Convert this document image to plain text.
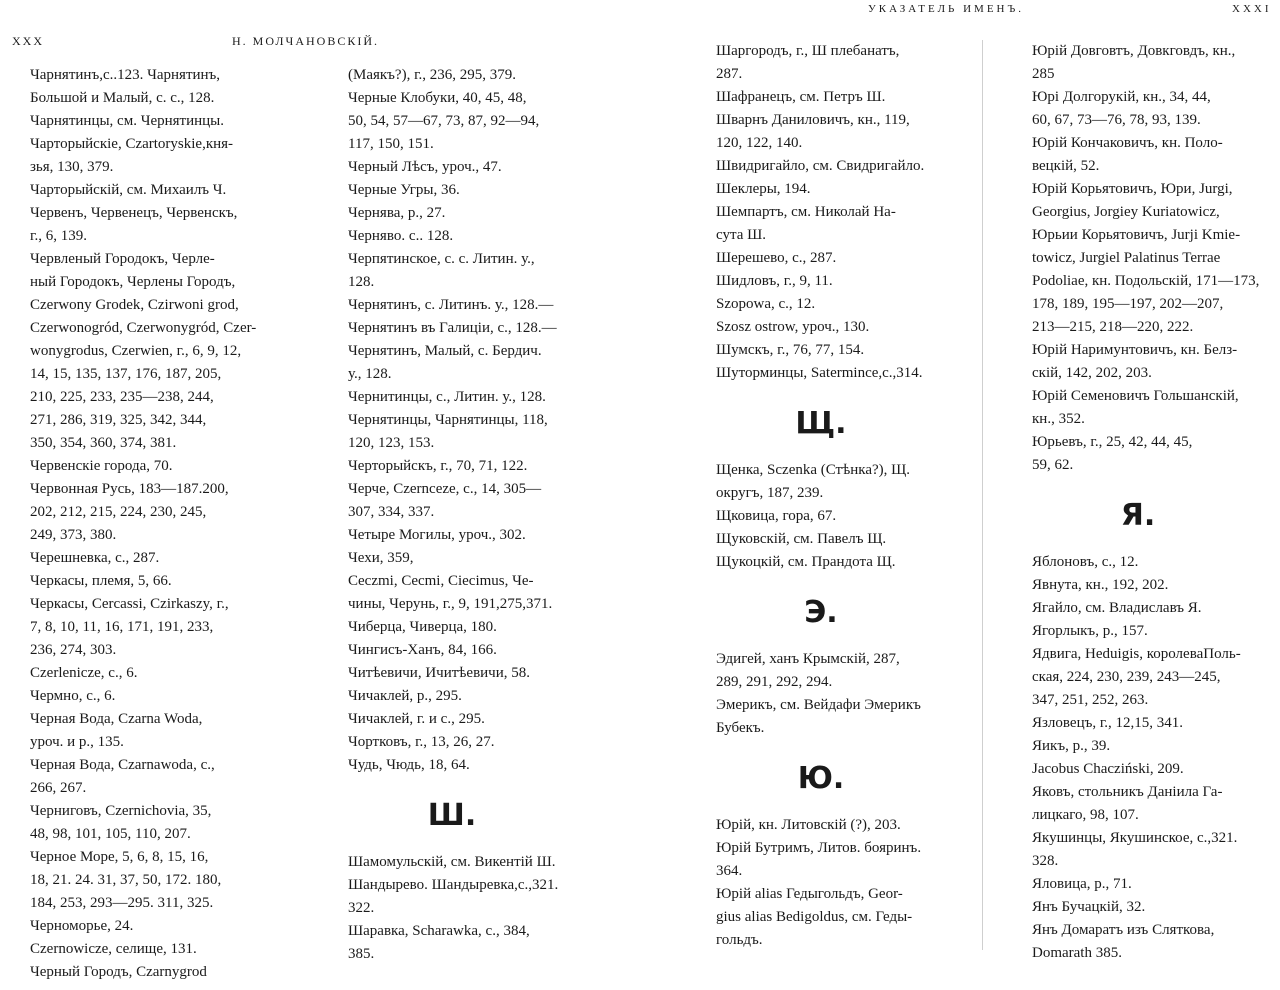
XXX	Н. МОЛЧАНОВСКІЙ.

Чарнятинъ,с..123. Чарнятинъ,
Большой и Малый, с. с., 128.

Чарнятинцы, см. Чернятинцы.

Чарторыйскіе, Czartoryskie,кня-
зья, 130, 379.

Чарторыйскій, см. Михаилъ Ч.

Червенъ, Червенецъ, Червенскъ,
г., 6, 139.

Червленый Городокъ, Черле-
ный Городокъ, Черлены Городъ,
Czerwony Grodek, Czirwoni grod,
Czerwonogród, Czerwonygród, Czer-
wonygrodus, Czerwien, г., 6, 9, 12,
14, 15, 135, 137, 176, 187, 205,
210, 225, 233, 235—238, 244,
271, 286, 319, 325, 342, 344,
350, 354, 360, 374, 381.

Червенскіе города, 70.

Червонная Русь, 183—187.200,
202, 212, 215, 224, 230, 245,
249, 373, 380.

Черешневка, с., 287.

Черкасы, племя, 5, 66.

Черкасы, Cercassi, Czirkaszy, г.,
7, 8, 10, 11, 16, 171, 191, 233,
236, 274, 303.

Czerlenicze, с., 6.

Чермно, с., 6.

Черная Вода, Czarna Woda,
уроч. и р., 135.

Черная Вода, Czarnawoda, с.,
266, 267.

Черниговъ, Czernichovia, 35,
48, 98, 101, 105, 110, 207.

Черное Море, 5, 6, 8, 15, 16,
18, 21. 24. 31, 37, 50, 172. 180,
184, 253, 293—295. 311, 325.

Черноморье, 24.

Czernowicze, селище, 131.

Черный Городъ, Czarnygrod

(Маякъ?), г., 236, 295, 379.

Черные Клобуки, 40, 45, 48,
50, 54, 57—67, 73, 87, 92—94,
117, 150, 151.

Черный Лѣсъ, уроч., 47.

Черные Угры, 36.

Чернява, р., 27.

Чернявo. с.. 128.

Черпятинское, с. с. Литин. у.,
128.

Чернятинъ, с. Литинъ. у., 128.—
Чернятинъ въ Галиціи, с., 128.—
Чернятинъ, Малый, с. Бердич.
у., 128.

Чернитинцы, с., Литин. у., 128.

Чернятинцы, Чарнятинцы, 118,
120, 123, 153.

Черторыйскъ, г., 70, 71, 122.

Черче, Czernceze, с., 14, 305—
307, 334, 337.

Четыре Могилы, уроч., 302.

Чехи, 359,

Ceczmi, Cecmi, Ciecimus, Че-
чины, Черунь, г., 9, 191,275,371.

Чиберца, Чиверца, 180.

Чингисъ-Ханъ, 84, 166.

Читѣевичи, Ичитѣевичи, 58.

Чичаклей, р., 295.

Чичаклей, г. и с., 295.

Чортковъ, г., 13, 26, 27.

Чудь, Чюдь, 18, 64.

Ш.

Шамомульскій, см. Викентій Ш.

Шандырево. Шандыревка,с.,321.
322.

Шаравка, Scharawka, с., 384,
385.

УКАЗАТЕЛЬ ИМЕНЪ.	XXXI

Шаргородъ, г., Ш плебанатъ,
287.

Шафранецъ, см. Петръ Ш.

Шварнъ Даниловичъ, кн., 119,
120, 122, 140.

Швидригайло, см. Свидригайло.

Шеклеры, 194.

Шемпартъ, см. Николай На-
сута Ш.

Шерешево, с., 287.

Шидловъ, г., 9, 11.

Szopowa, с., 12.

Szosz ostrow, уроч., 130.

Шумскъ, г., 76, 77, 154.

Шуторминцы, Satermince,с.,314.

Щ.

Щенка, Sczenka (Стѣнка?), Щ.
округъ, 187, 239.

Щковица, гора, 67.

Щуковскій, см. Павелъ Щ.

Щукоцкій, см. Прандота Щ.

Э.

Эдигей, ханъ Крымскій, 287,
289, 291, 292, 294.

Эмерикъ, см. Вейдафи Эмерикъ
Бубекъ.

Ю.

Юрій, кн. Литовскій (?), 203.

Юрій Бутримъ, Литов. бояринъ.
364.

Юрій alias Гедыгольдъ, Geor-
gius alias Bedigoldus, см. Геды-
гольдъ.

Юрій Довговтъ, Довкговдъ, кн.,
285

Юрі Долгорукій, кн., 34, 44,
60, 67, 73—76, 78, 93, 139.

Юрій Кончаковичъ, кн. Поло-
вецкій, 52.

Юрій Корьятовичъ, Юри, Jurgi,
Georgius, Jorgiey Kuriatowicz,
Юрьии Корьятовичъ, Jurji Kmie-
towicz, Jurgiel Palatinus Terrae
Podoliae, кн. Подольскій, 171—173,
178, 189, 195—197, 202—207,
213—215, 218—220, 222.

Юрій Наримунтовичъ, кн. Белз-
скій, 142, 202, 203.

Юрій Семеновичъ Гольшанскій,
кн., 352.

Юрьевъ, г., 25, 42, 44, 45,
59, 62.

Я.

Яблоновъ, с., 12.

Явнута, кн., 192, 202.

Ягайло, см. Владиславъ Я.

Ягорлыкъ, р., 157.

Ядвига, Heduigis, королеваПоль-
ская, 224, 230, 239, 243—245,
347, 251, 252, 263.

Язловецъ, г., 12,15, 341.

Яикъ, р., 39.

Jacobus Chacziński, 209.

Яковъ, стольникъ Даніила Га-
лицкаго, 98, 107.

Якушинцы, Якушинское, с.,321.
328.

Яловица, р., 71.

Янъ Бучацкій, 32.

Янъ Домаратъ изъ Сляткова,
Domarath 385.
